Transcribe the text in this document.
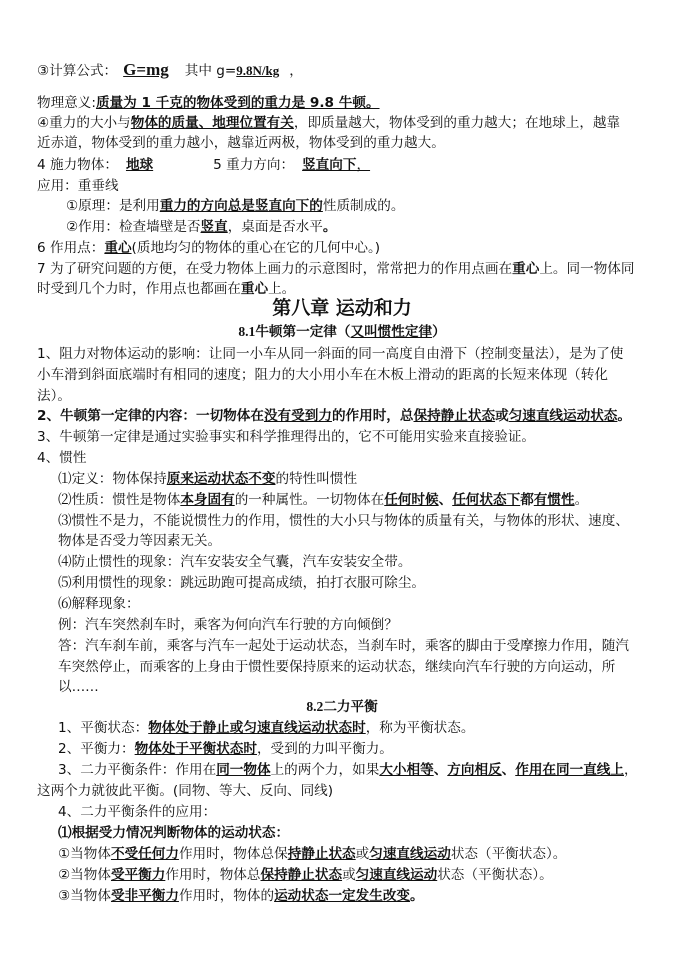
③计算公式： G=mg 其中 g=9.8N/kg ，
物理意义:质量为 1 千克的物体受到的重力是 9.8 牛顿。
④重力的大小与物体的质量、地理位置有关，即质量越大，物体受到的重力越大；在地球上，越靠
近赤道，物体受到的重力越小，越靠近两极，物体受到的重力越大。
4 施力物体： 地球	5 重力方向： 竖直向下，
应用：重垂线
①原理：是利用重力的方向总是竖直向下的性质制成的。
②作用：检查墙壁是否竖直，桌面是否水平。
6 作用点：重心(质地均匀的物体的重心在它的几何中心。)
7 为了研究问题的方便，在受力物体上画力的示意图时，常常把力的作用点画在重心上。同一物体同
时受到几个力时，作用点也都画在重心上。
第八章 运动和力
8.1牛顿第一定律（又叫惯性定律）
1、阻力对物体运动的影响：让同一小车从同一斜面的同一高度自由滑下（控制变量法），是为了使
小车滑到斜面底端时有相同的速度；阻力的大小用小车在木板上滑动的距离的长短来体现（转化
法）。
2、牛顿第一定律的内容：一切物体在没有受到力的作用时，总保持静止状态或匀速直线运动状态。
3、牛顿第一定律是通过实验事实和科学推理得出的，它不可能用实验来直接验证。
4、惯性
⑴定义：物体保持原来运动状态不变的特性叫惯性
⑵性质：惯性是物体本身固有的一种属性。一切物体在任何时候、任何状态下都有惯性。
⑶惯性不是力，不能说惯性力的作用，惯性的大小只与物体的质量有关，与物体的形状、速度、
物体是否受力等因素无关。
⑷防止惯性的现象：汽车安装安全气囊，汽车安装安全带。
⑸利用惯性的现象：跳远助跑可提高成绩，拍打衣服可除尘。
⑹解释现象：
例：汽车突然刹车时，乘客为何向汽车行驶的方向倾倒？
答：汽车刹车前，乘客与汽车一起处于运动状态，当刹车时，乘客的脚由于受摩擦力作用，随汽
车突然停止，而乘客的上身由于惯性要保持原来的运动状态，继续向汽车行驶的方向运动，所
以……
8.2二力平衡
1、平衡状态：物体处于静止或匀速直线运动状态时，称为平衡状态。
2、平衡力：物体处于平衡状态时，受到的力叫平衡力。
3、二力平衡条件：作用在同一物体上的两个力，如果大小相等、方向相反、作用在同一直线上，
这两个力就彼此平衡。(同物、等大、反向、同线)
4、二力平衡条件的应用：
⑴根据受力情况判断物体的运动状态：
①当物体不受任何力作用时，物体总保持静止状态或匀速直线运动状态（平衡状态）。
②当物体受平衡力作用时，物体总保持静止状态或匀速直线运动状态（平衡状态）。
③当物体受非平衡力作用时，物体的运动状态一定发生改变。
